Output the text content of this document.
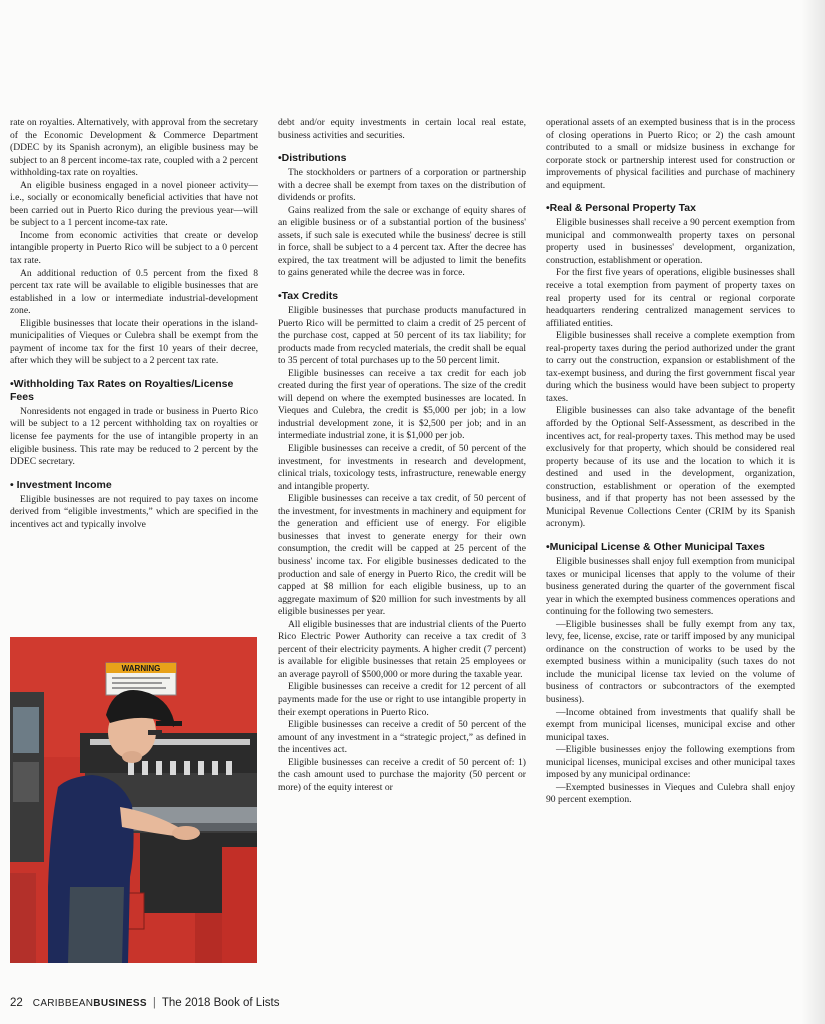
rate on royalties. Alternatively, with approval from the secretary of the Economic Development & Commerce Department (DDEC by its Spanish acronym), an eligible business may be subject to an 8 percent income-tax rate, coupled with a 2 percent withholding-tax rate on royalties.

An eligible business engaged in a novel pioneer activity—i.e., socially or economically beneficial activities that have not been carried out in Puerto Rico during the previous year—will be subject to a 1 percent income-tax rate.

Income from economic activities that create or develop intangible property in Puerto Rico will be subject to a 0 percent tax rate.

An additional reduction of 0.5 percent from the fixed 8 percent tax rate will be available to eligible businesses that are established in a low or intermediate industrial-development zone.

Eligible businesses that locate their operations in the island-municipalities of Vieques or Culebra shall be exempt from the payment of income tax for the first 10 years of their decree, after which they will be subject to a 2 percent tax rate.

•Withholding Tax Rates on Royalties/License Fees

Nonresidents not engaged in trade or business in Puerto Rico will be subject to a 12 percent withholding tax on royalties or license fee payments for the use of intangible property in an eligible business. This rate may be reduced to 2 percent by the DDEC secretary.

• Investment Income

Eligible businesses are not required to pay taxes on income derived from “eligible investments,” which are specified in the incentives act and typically involve

WARNING

debt and/or equity investments in certain local real estate, business activities and securities.

•Distributions

The stockholders or partners of a corporation or partnership with a decree shall be exempt from taxes on the distribution of dividends or profits.

Gains realized from the sale or exchange of equity shares of an eligible business or of a substantial portion of the business' assets, if such sale is executed while the business' decree is still in force, shall be subject to a 4 percent tax. After the decree has expired, the tax treatment will be adjusted to limit the benefits to gains generated while the decree was in force.

•Tax Credits

Eligible businesses that purchase products manufactured in Puerto Rico will be permitted to claim a credit of 25 percent of the purchase cost, capped at 50 percent of its tax liability; for products made from recycled materials, the credit shall be equal to 35 percent of total purchases up to the 50 percent limit.

Eligible businesses can receive a tax credit for each job created during the first year of operations. The size of the credit will depend on where the exempted businesses are located. In Vieques and Culebra, the credit is $5,000 per job; in a low industrial development zone, it is $2,500 per job; and in an intermediate industrial zone, it is $1,000 per job.

Eligible businesses can receive a credit, of 50 percent of the investment, for investments in research and development, clinical trials, toxicology tests, infrastructure, renewable energy and intangible property.

Eligible businesses can receive a tax credit, of 50 percent of the investment, for investments in machinery and equipment for the generation and efficient use of energy. For eligible businesses that invest to generate energy for their own consumption, the credit will be capped at 25 percent of the business' income tax. For eligible businesses dedicated to the production and sale of energy in Puerto Rico, the credit will be capped at $8 million for each eligible business, up to an aggregate maximum of $20 million for such investments by all eligible businesses per year.

All eligible businesses that are industrial clients of the Puerto Rico Electric Power Authority can receive a tax credit of 3 percent of their electricity payments. A higher credit (7 percent) is available for eligible businesses that retain 25 employees or an average payroll of $500,000 or more during the taxable year.

Eligible businesses can receive a credit for 12 percent of all payments made for the use or right to use intangible property in their exempt operations in Puerto Rico.

Eligible businesses can receive a credit of 50 percent of the amount of any investment in a “strategic project,” as defined in the incentives act.

Eligible businesses can receive a credit of 50 percent of: 1) the cash amount used to purchase the majority (50 percent or more) of the equity interest or

operational assets of an exempted business that is in the process of closing operations in Puerto Rico; or 2) the cash amount contributed to a small or midsize business in exchange for corporate stock or partnership interest used for construction or improvements of physical facilities and purchase of machinery and equipment.

•Real & Personal Property Tax

Eligible businesses shall receive a 90 percent exemption from municipal and commonwealth property taxes on personal property used in businesses' development, organization, construction, establishment or operation.

For the first five years of operations, eligible businesses shall receive a total exemption from payment of property taxes on real property used for its central or regional corporate headquarters rendering centralized management services to affiliated entities.

Eligible businesses shall receive a complete exemption from real-property taxes during the period authorized under the grant to carry out the construction, expansion or establishment of the tax-exempt business, and during the first government fiscal year during which the business would have been subject to property taxes.

Eligible businesses can also take advantage of the benefit afforded by the Optional Self-Assessment, as described in the incentives act, for real-property taxes. This method may be used exclusively for that property, which should be considered real property because of its use and the location to which it is destined and used in the development, organization, construction, establishment or operation of the exempted business, and if that property has not been assessed by the Municipal Revenue Collections Center (CRIM by its Spanish acronym).

•Municipal License & Other Municipal Taxes

Eligible businesses shall enjoy full exemption from municipal taxes or municipal licenses that apply to the volume of their business generated during the quarter of the government fiscal year in which the exempted business commences operations and continuing for the following two semesters.

—Eligible businesses shall be fully exempt from any tax, levy, fee, license, excise, rate or tariff imposed by any municipal ordinance on the construction of works to be used by the exempted business within a municipality (such taxes do not include the municipal license tax levied on the volume of business of contractors or subcontractors of the exempted business).

—Income obtained from investments that qualify shall be exempt from municipal licenses, municipal excise and other municipal taxes.

—Eligible businesses enjoy the following exemptions from municipal licenses, municipal excises and other municipal taxes imposed by any municipal ordinance:

—Exempted businesses in Vieques and Culebra shall enjoy 90 percent exemption.

22 CARIBBEANBUSINESS | The 2018 Book of Lists
